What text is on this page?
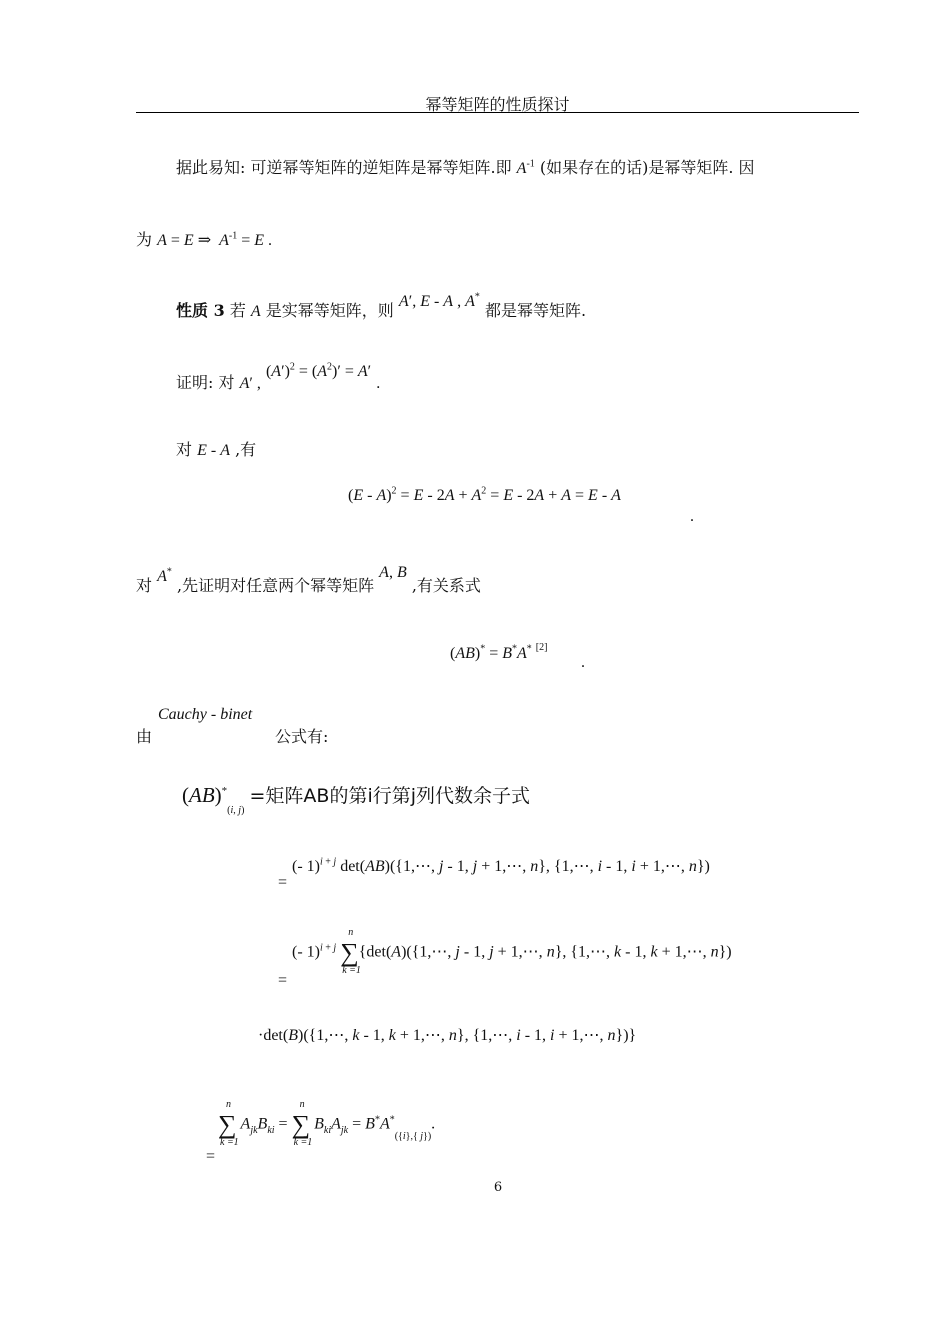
幂等矩阵的性质探讨
据此易知: 可逆幂等矩阵的逆矩阵是幂等矩阵.即 $A^{-1}$ (如果存在的话)是幂等矩阵. 因
为 A = E ⇒  $A^{-1} = E$ .
性质 3 若 A 是实幂等矩阵，则 A′, E - A , A* 都是幂等矩阵.
证明: 对 A′ , $(A')^2 = (A^2)' = A'$ .
对 E - A ,有
$(E - A)^2 = E - 2A + A^2 = E - 2A + A = E - A$
.
对 A* ,先证明对任意两个幂等矩阵 A, B ,有关系式
(AB)* = B*A* [2]
.
由
Cauchy - binet
公式有:
$(AB)^*_{(i, j)}$ =矩阵AB的第i行第j列代数余子式
=
(- 1)$^{i + j}$ det(AB)({1,⋯, j - 1, j + 1,⋯, n}, {1,⋯, i - 1, i + 1,⋯, n})
=
(- 1)$^{i + j}$ ∑
n
k =1
{det(A)({1,⋯, j - 1, j + 1,⋯, n}, {1,⋯, k - 1, k + 1,⋯, n})
·det(B)({1,⋯, k - 1, k + 1,⋯, n}, {1,⋯, i - 1, i + 1,⋯, n})}
=
∑
n
k =1
$A_{jk}B_{ki}$ = ∑
n
k =1
$B_{ki}A_{jk} = B^*A^*_{(\{i\},\{ j\})}$.
6
